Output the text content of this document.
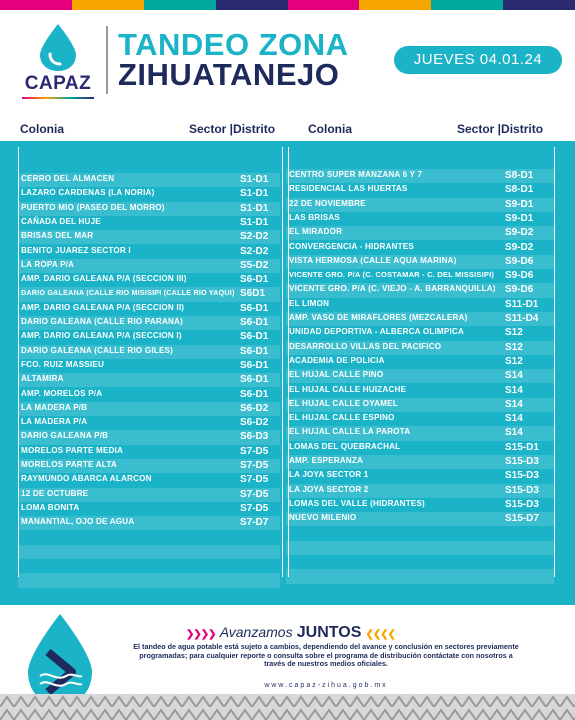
CAPAZ
TANDEO ZONA
ZIHUATANEJO	JUEVES 04.01.24
Colonia	Sector |Distrito	Colonia	Sector |Distrito
CERRO DEL ALMACEN	S1-D1
LAZARO CARDENAS (LA NORIA)	S1-D1
PUERTO MIO (PASEO DEL MORRO)	S1-D1
CAÑADA DEL HUJE	S1-D1
BRISAS DEL MAR	S2-D2
BENITO JUAREZ SECTOR I	S2-D2
LA ROPA P/A	S5-D2
AMP. DARIO GALEANA P/A (SECCION III)	S6-D1
DARIO GALEANA (CALLE RIO MISISIPI (CALLE RIO YAQUI) S6D1
AMP. DARIO GALEANA P/A (SECCION II)	S6-D1
DARIO GALEANA (CALLE RIO PARANA)	S6-D1
AMP. DARIO GALEANA P/A (SECCION I)	S6-D1
DARIO GALEANA (CALLE RIO GILES)	S6-D1
FCO. RUIZ MASSIEU	S6-D1
ALTAMIRA	S6-D1
AMP. MORELOS P/A	S6-D1
LA MADERA P/B	S6-D2
LA MADERA P/A	S6-D2
DARIO GALEANA P/B	S6-D3
MORELOS PARTE MEDIA	S7-D5
MORELOS PARTE ALTA	S7-D5
RAYMUNDO ABARCA ALARCON	S7-D5
12 DE OCTUBRE	S7-D5
LOMA BONITA	S7-D5
MANANTIAL, OJO DE AGUA	S7-D7
CENTRO SUPER MANZANA 6 Y 7	S8-D1
RESIDENCIAL LAS HUERTAS	S8-D1
22 DE NOVIEMBRE	S9-D1
LAS BRISAS	S9-D1
EL MIRADOR	S9-D2
CONVERGENCIA - HIDRANTES	S9-D2
VISTA HERMOSA (CALLE AQUA MARINA)	S9-D6
VICENTE GRO. P/A (C. COSTAMAR - C. DEL MISSISIPI) S9-D6
VICENTE GRO. P/A (C. VIEJO - A. BARRANQUILLA) S9-D6
EL LIMON	S11-D1
AMP. VASO DE MIRAFLORES (MEZCALERA)	S11-D4
UNIDAD DEPORTIVA - ALBERCA OLIMPICA	S12
DESARROLLO VILLAS DEL PACIFICO	S12
ACADEMIA DE POLICIA	S12
EL HUJAL CALLE PINO	S14
EL HUJAL CALLE HUIZACHE	S14
EL HUJAL CALLE OYAMEL	S14
EL HUJAL CALLE ESPINO	S14
EL HUJAL CALLE LA PAROTA	S14
LOMAS DEL QUEBRACHAL	S15-D1
AMP. ESPERANZA	S15-D3
LA JOYA SECTOR 1	S15-D3
LA JOYA SECTOR 2	S15-D3
LOMAS DEL VALLE (HIDRANTES)	S15-D3
NUEVO MILENIO	S15-D7
❯❯❯❯ Avanzamos JUNTOS ❮❮❮❮
El tandeo de agua potable está sujeto a cambios, dependiendo del avance y conclusión en sectores previamente
programadas; para cualquier reporte o consulta sobre el programa de distribución contáctate con nosotros a
través de nuestros medios oficiales.
www.capaz-zihua.gob.mx
